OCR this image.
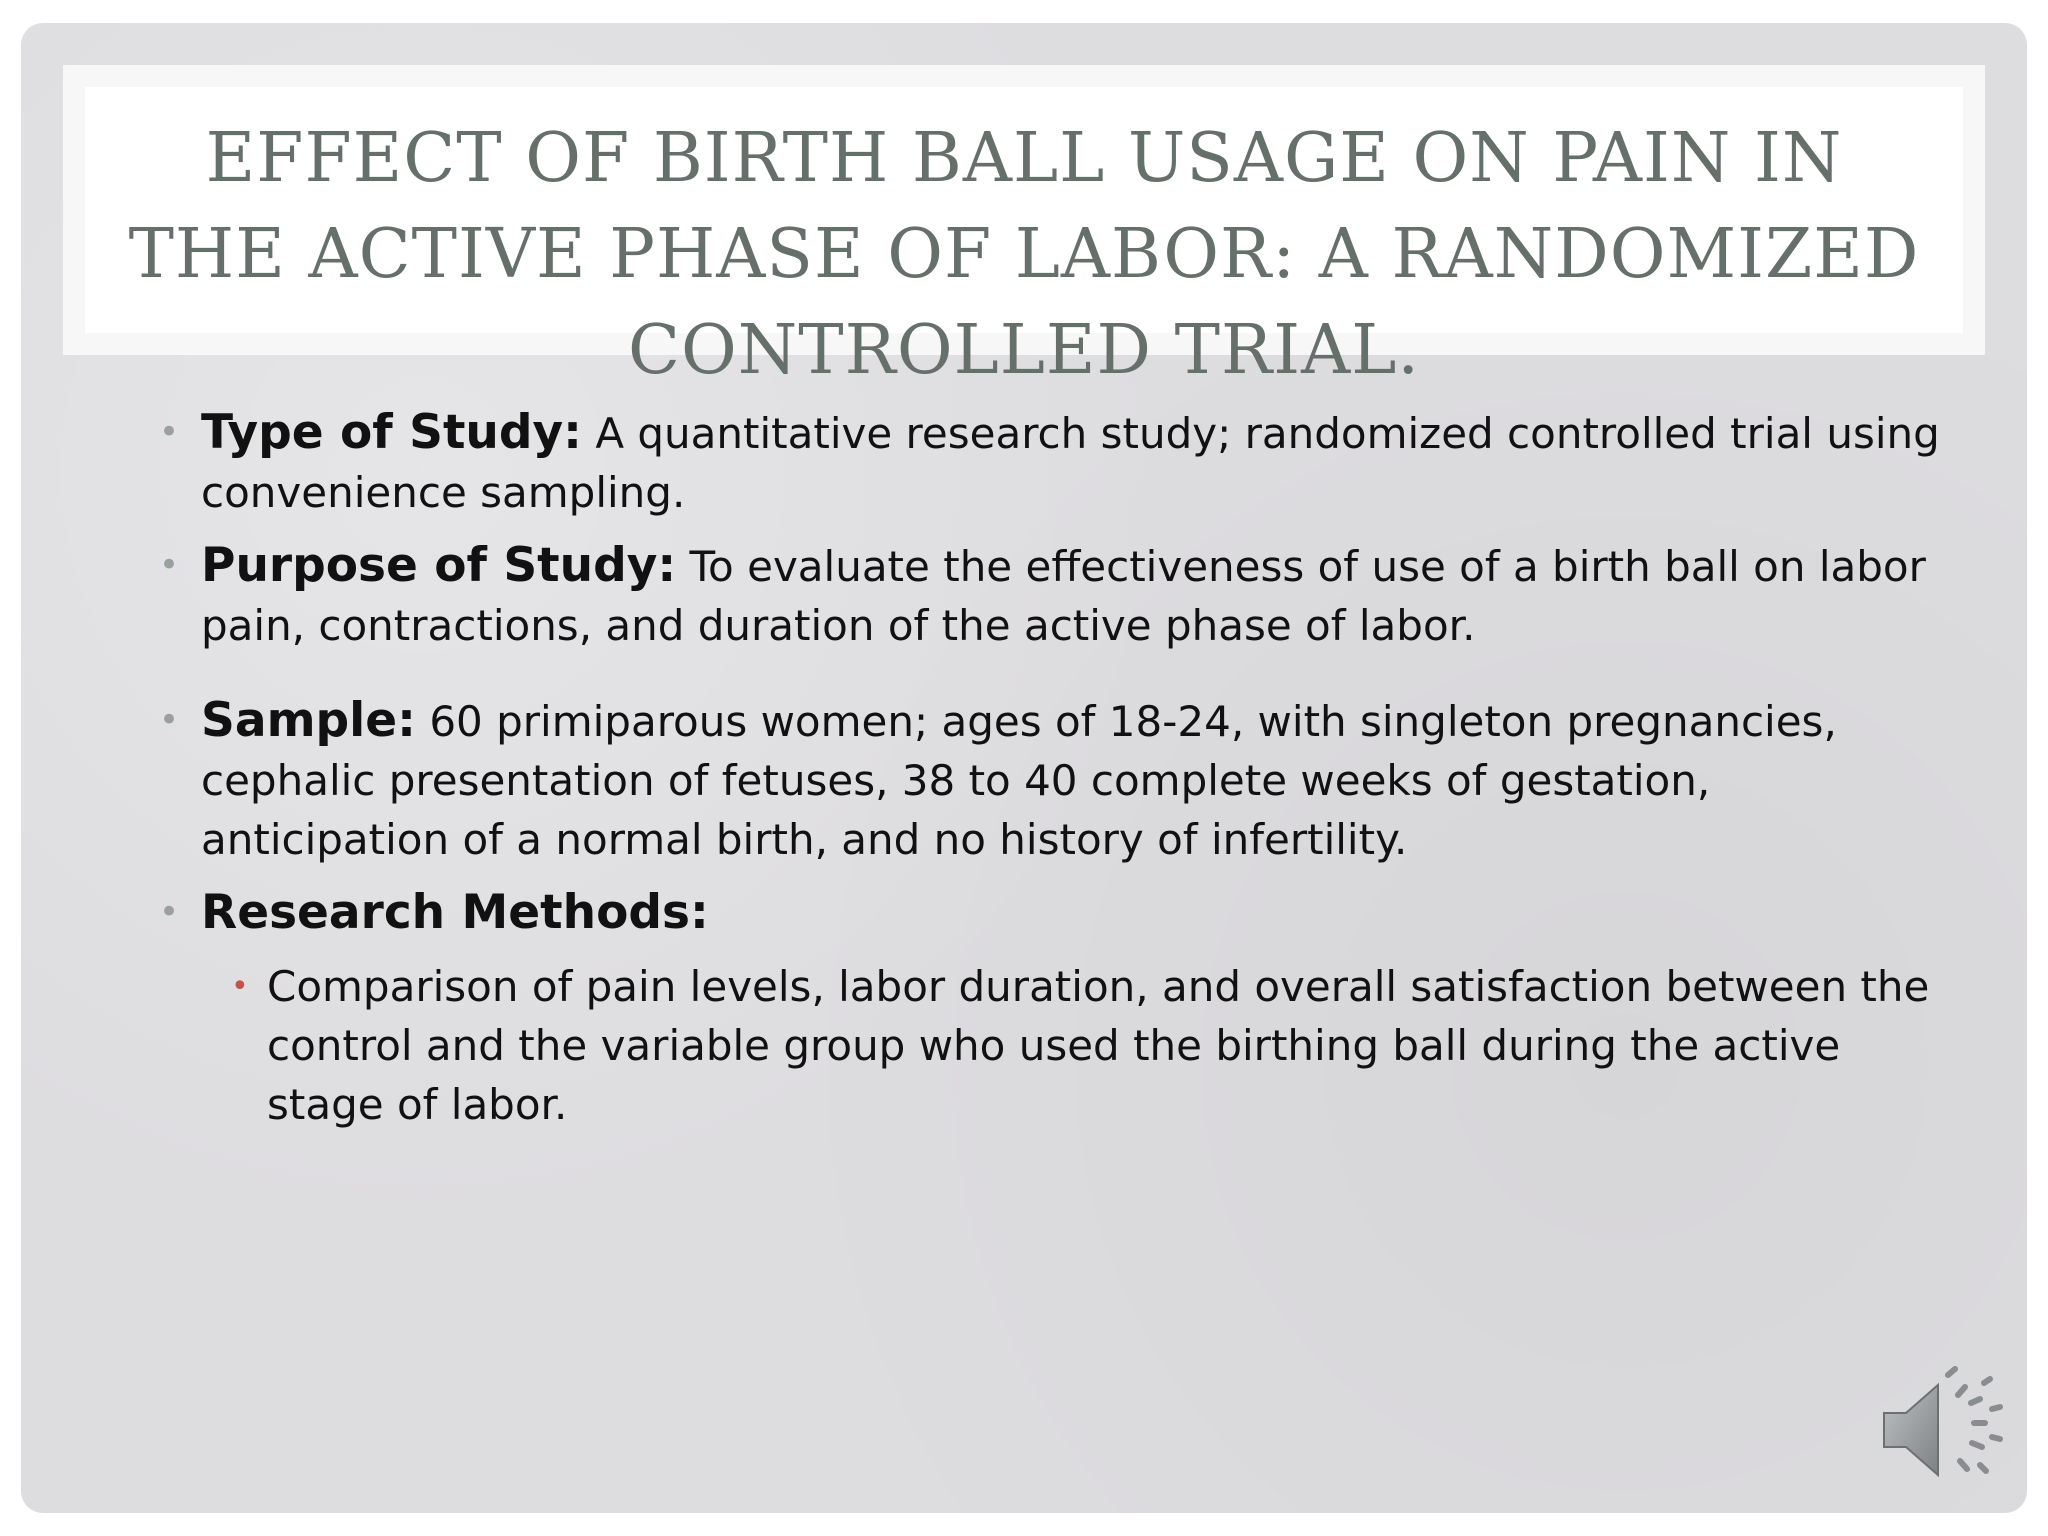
EFFECT OF BIRTH BALL USAGE ON PAIN IN THE ACTIVE PHASE OF LABOR: A RANDOMIZED CONTROLLED TRIAL.
• Type of Study: A quantitative research study; randomized controlled trial using convenience sampling.
• Purpose of Study: To evaluate the effectiveness of use of a birth ball on labor pain, contractions, and duration of the active phase of labor.
• Sample: 60 primiparous women; ages of 18-24, with singleton pregnancies, cephalic presentation of fetuses, 38 to 40 complete weeks of gestation, anticipation of a normal birth, and no history of infertility.
• Research Methods:
• Comparison of pain levels, labor duration, and overall satisfaction between the control and the variable group who used the birthing ball during the active stage of labor.
